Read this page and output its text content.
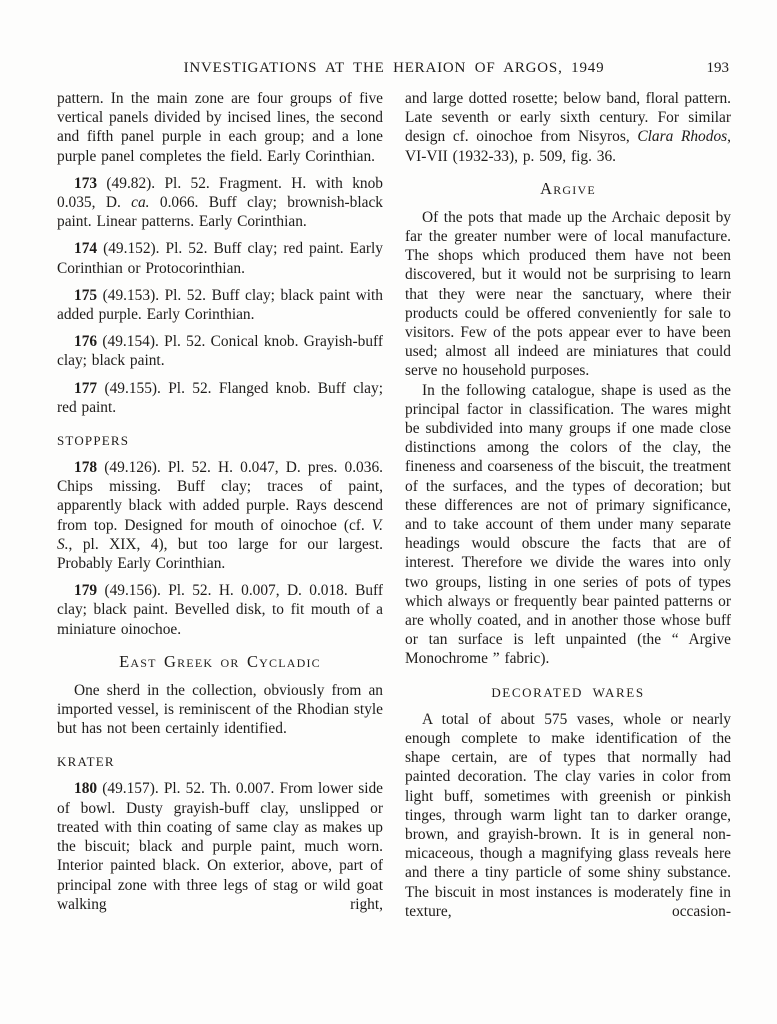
INVESTIGATIONS AT THE HERAION OF ARGOS, 1949	193

pattern. In the main zone are four groups of five vertical panels divided by incised lines, the second and fifth panel purple in each group; and a lone purple panel completes the field. Early Corinthian.

173 (49.82). Pl. 52. Fragment. H. with knob 0.035, D. ca. 0.066. Buff clay; brownish-black paint. Linear patterns. Early Corinthian.

174 (49.152). Pl. 52. Buff clay; red paint. Early Corinthian or Protocorinthian.

175 (49.153). Pl. 52. Buff clay; black paint with added purple. Early Corinthian.

176 (49.154). Pl. 52. Conical knob. Grayish-buff clay; black paint.

177 (49.155). Pl. 52. Flanged knob. Buff clay; red paint.

STOPPERS

178 (49.126). Pl. 52. H. 0.047, D. pres. 0.036. Chips missing. Buff clay; traces of paint, apparently black with added purple. Rays descend from top. Designed for mouth of oinochoe (cf. V. S., pl. XIX, 4), but too large for our largest. Probably Early Corinthian.

179 (49.156). Pl. 52. H. 0.007, D. 0.018. Buff clay; black paint. Bevelled disk, to fit mouth of a miniature oinochoe.

East Greek or Cycladic

One sherd in the collection, obviously from an imported vessel, is reminiscent of the Rhodian style but has not been certainly identified.

KRATER

180 (49.157). Pl. 52. Th. 0.007. From lower side of bowl. Dusty grayish-buff clay, unslipped or treated with thin coating of same clay as makes up the biscuit; black and purple paint, much worn. Interior painted black. On exterior, above, part of principal zone with three legs of stag or wild goat walking right,

and large dotted rosette; below band, floral pattern. Late seventh or early sixth century. For similar design cf. oinochoe from Nisyros, Clara Rhodos, VI-VII (1932-33), p. 509, fig. 36.

Argive

Of the pots that made up the Archaic deposit by far the greater number were of local manufacture. The shops which produced them have not been discovered, but it would not be surprising to learn that they were near the sanctuary, where their products could be offered conveniently for sale to visitors. Few of the pots appear ever to have been used; almost all indeed are miniatures that could serve no household purposes.

In the following catalogue, shape is used as the principal factor in classification. The wares might be subdivided into many groups if one made close distinctions among the colors of the clay, the fineness and coarseness of the biscuit, the treatment of the surfaces, and the types of decoration; but these differences are not of primary significance, and to take account of them under many separate headings would obscure the facts that are of interest. Therefore we divide the wares into only two groups, listing in one series of pots of types which always or frequently bear painted patterns or are wholly coated, and in another those whose buff or tan surface is left unpainted (the “ Argive Monochrome ” fabric).

DECORATED WARES

A total of about 575 vases, whole or nearly enough complete to make identification of the shape certain, are of types that normally had painted decoration. The clay varies in color from light buff, sometimes with greenish or pinkish tinges, through warm light tan to darker orange, brown, and grayish-brown. It is in general non-micaceous, though a magnifying glass reveals here and there a tiny particle of some shiny substance. The biscuit in most instances is moderately fine in texture, occasion-
